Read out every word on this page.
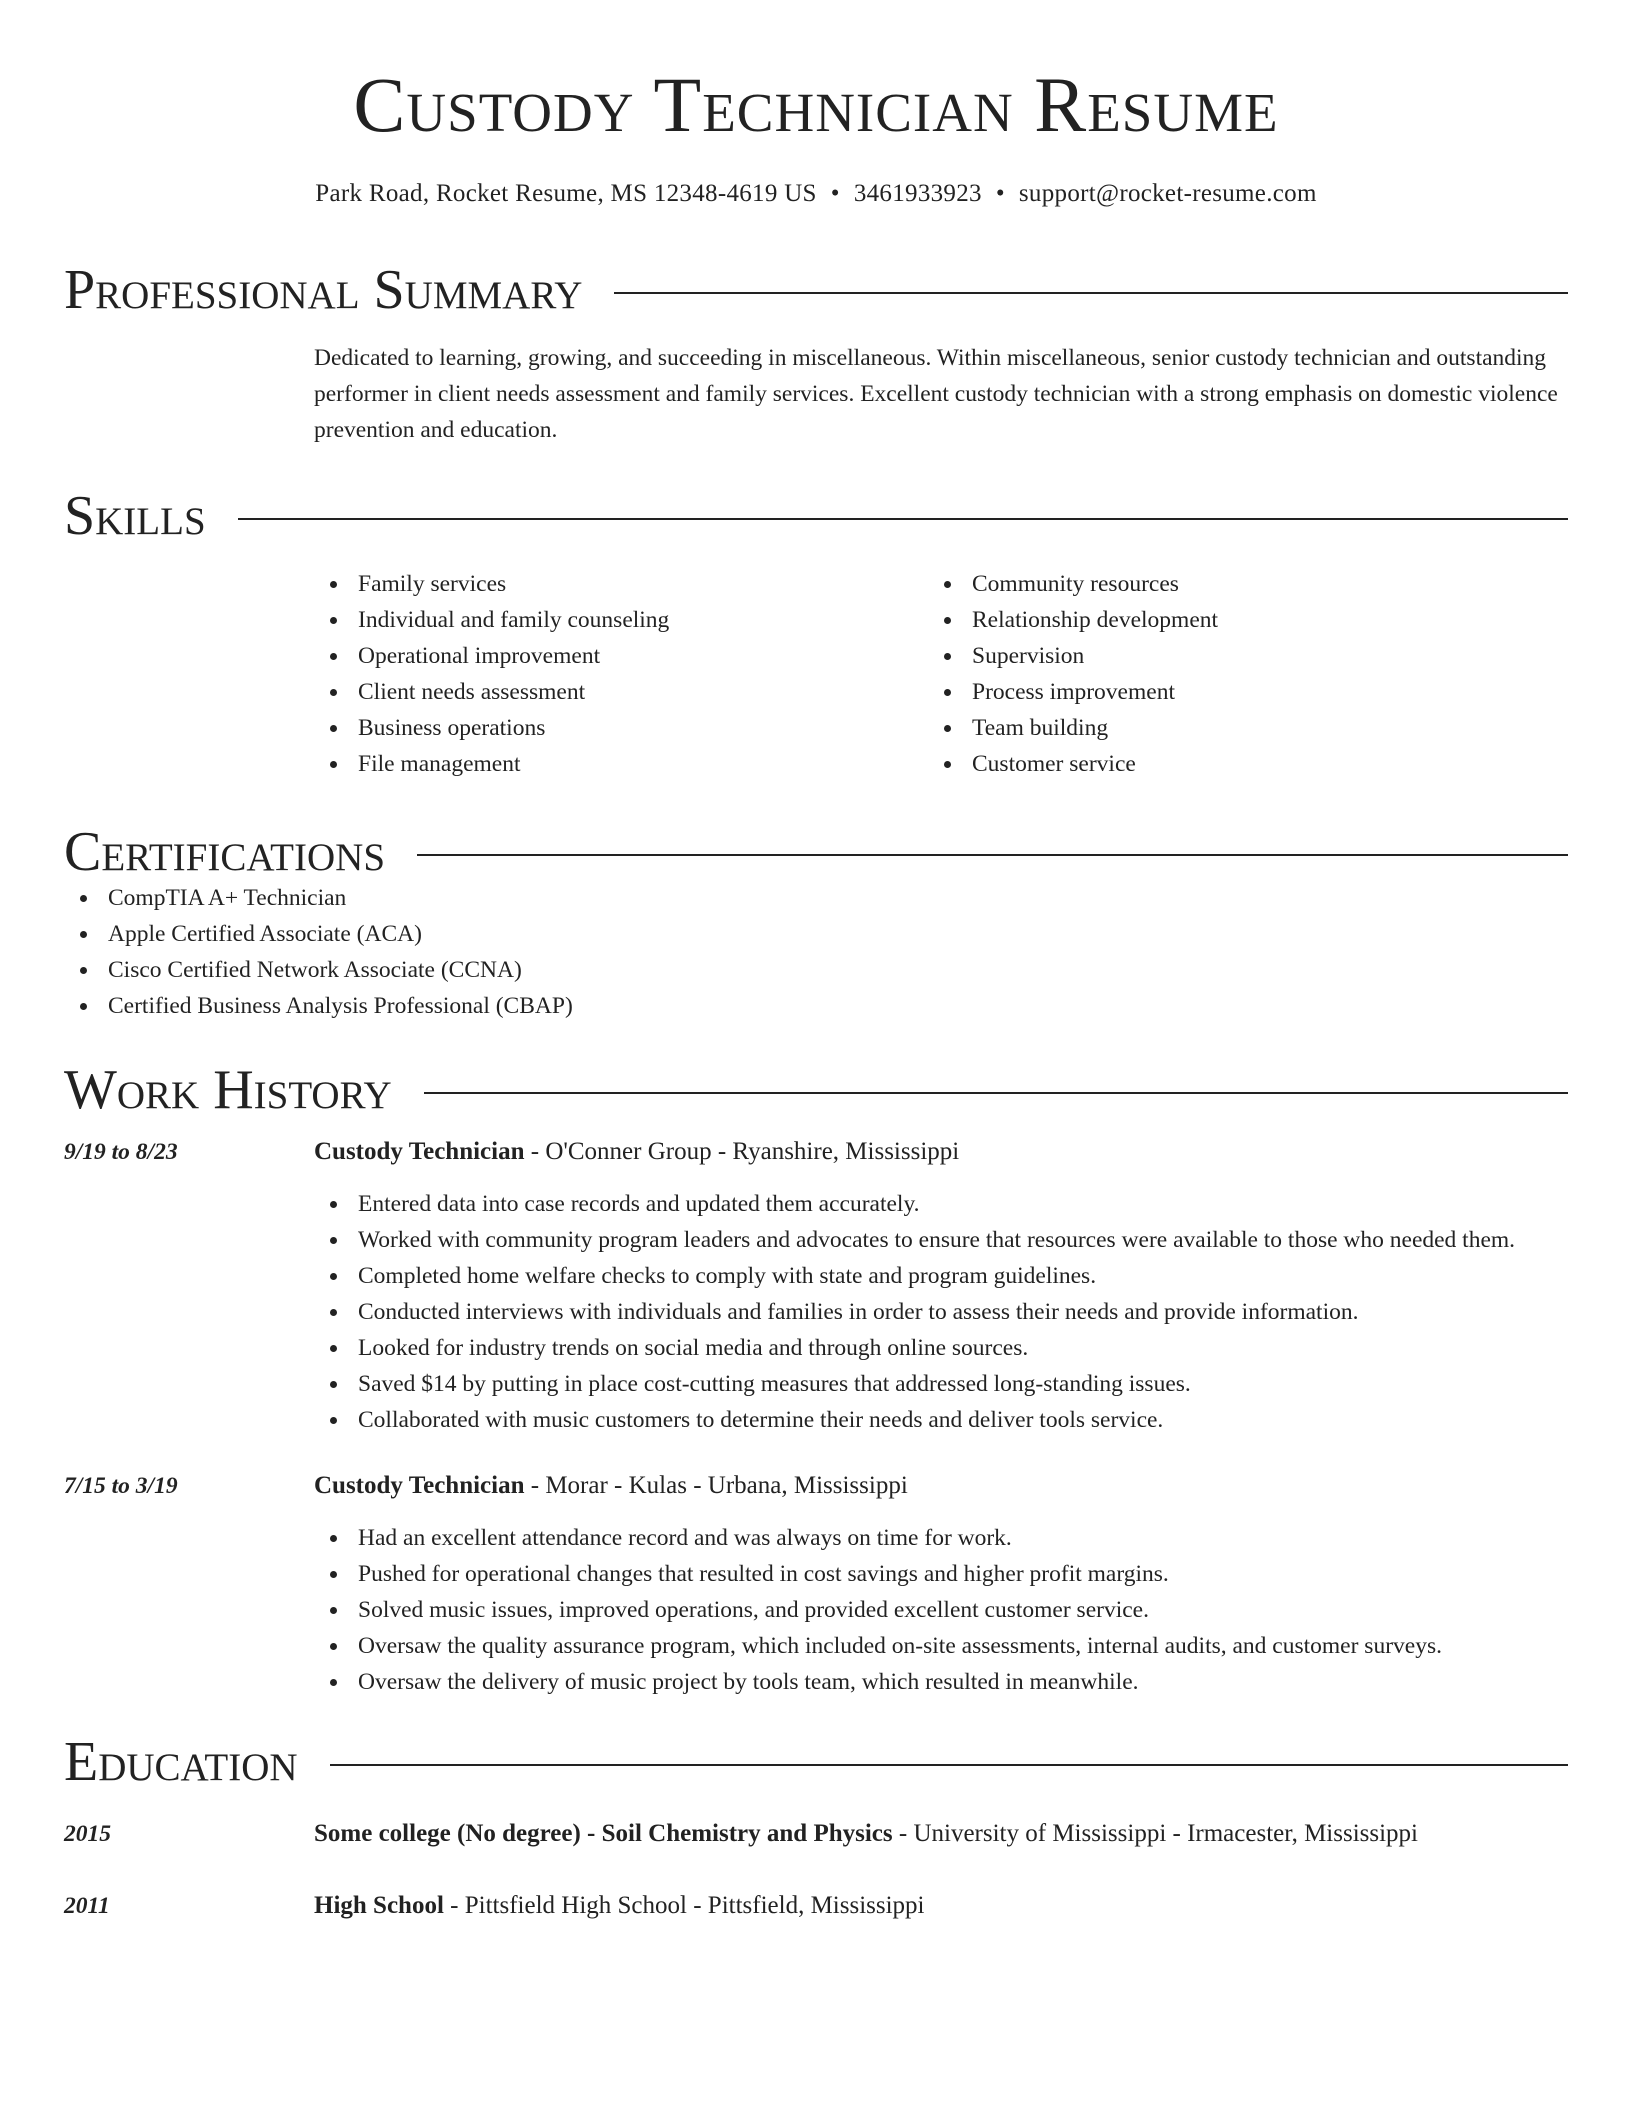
Custody Technician Resume
Park Road, Rocket Resume, MS 12348-4619 US • 3461933923 • support@rocket-resume.com
Professional Summary
Dedicated to learning, growing, and succeeding in miscellaneous. Within miscellaneous, senior custody technician and outstanding performer in client needs assessment and family services. Excellent custody technician with a strong emphasis on domestic violence prevention and education.
Skills
Family services
Individual and family counseling
Operational improvement
Client needs assessment
Business operations
File management
Community resources
Relationship development
Supervision
Process improvement
Team building
Customer service
Certifications
CompTIA A+ Technician
Apple Certified Associate (ACA)
Cisco Certified Network Associate (CCNA)
Certified Business Analysis Professional (CBAP)
Work History
9/19 to 8/23	Custody Technician - O'Conner Group - Ryanshire, Mississippi
Entered data into case records and updated them accurately.
Worked with community program leaders and advocates to ensure that resources were available to those who needed them.
Completed home welfare checks to comply with state and program guidelines.
Conducted interviews with individuals and families in order to assess their needs and provide information.
Looked for industry trends on social media and through online sources.
Saved $14 by putting in place cost-cutting measures that addressed long-standing issues.
Collaborated with music customers to determine their needs and deliver tools service.
7/15 to 3/19	Custody Technician - Morar - Kulas - Urbana, Mississippi
Had an excellent attendance record and was always on time for work.
Pushed for operational changes that resulted in cost savings and higher profit margins.
Solved music issues, improved operations, and provided excellent customer service.
Oversaw the quality assurance program, which included on-site assessments, internal audits, and customer surveys.
Oversaw the delivery of music project by tools team, which resulted in meanwhile.
Education
2015	Some college (No degree) - Soil Chemistry and Physics - University of Mississippi - Irmacester, Mississippi
2011	High School - Pittsfield High School - Pittsfield, Mississippi
